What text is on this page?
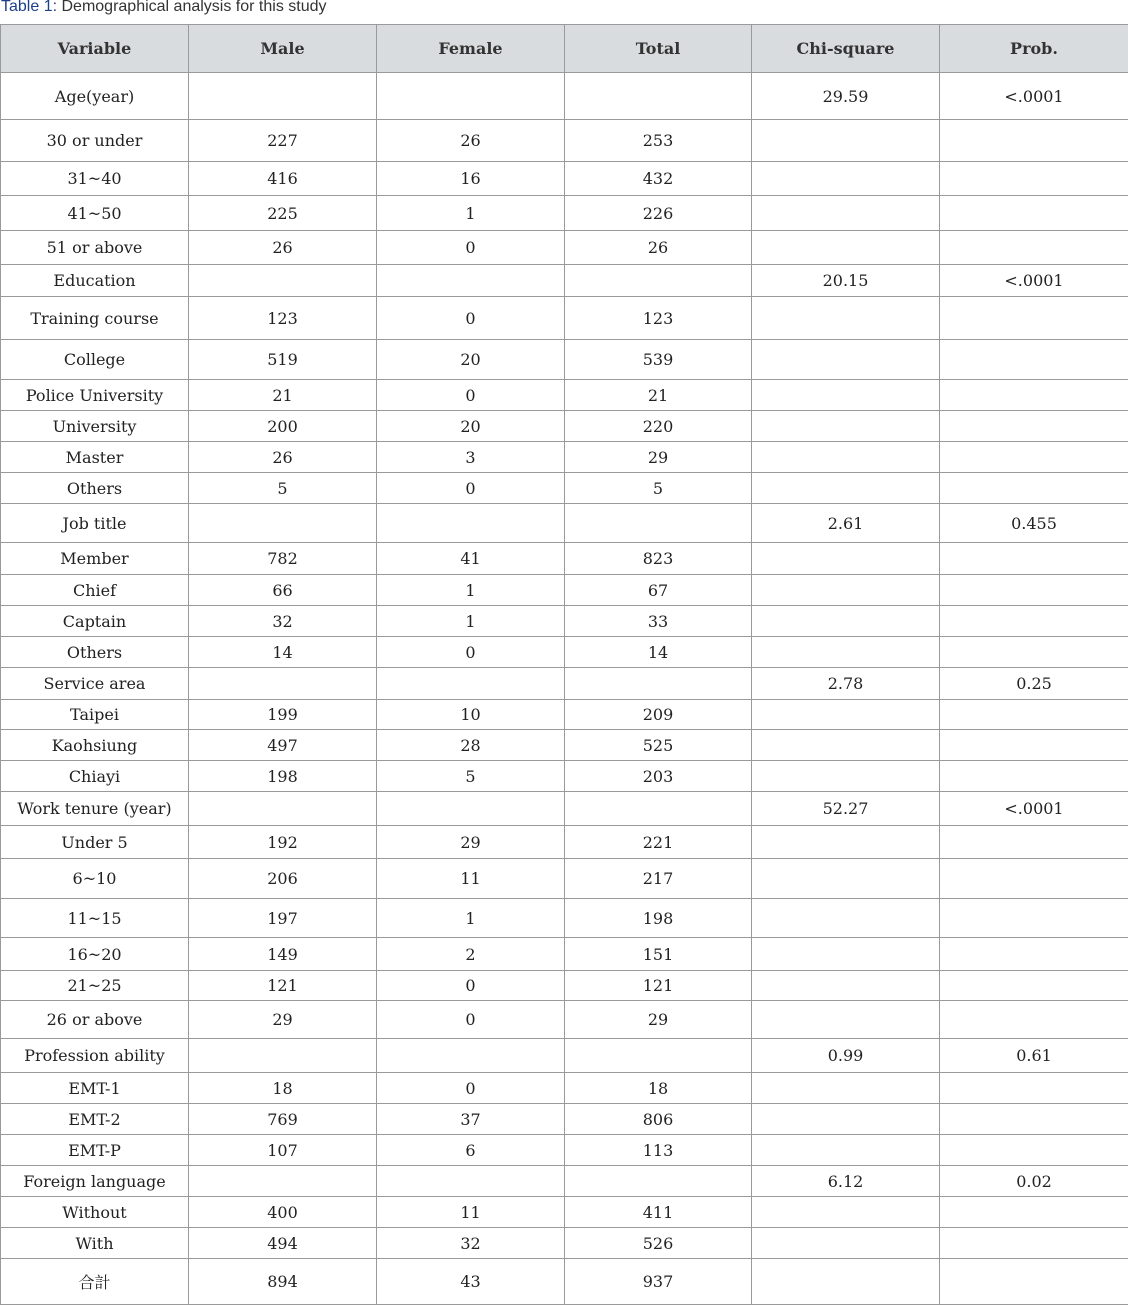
Table 1: Demographical analysis for this study
Variable	Male	Female	Total	Chi-square	Prob.
Age(year)				29.59	<.0001
30 or under	227	26	253		
31~40	416	16	432		
41~50	225	1	226		
51 or above	26	0	26		
Education				20.15	<.0001
Training course	123	0	123		
College	519	20	539		
Police University	21	0	21		
University	200	20	220		
Master	26	3	29		
Others	5	0	5		
Job title				2.61	0.455
Member	782	41	823		
Chief	66	1	67		
Captain	32	1	33		
Others	14	0	14		
Service area				2.78	0.25
Taipei	199	10	209		
Kaohsiung	497	28	525		
Chiayi	198	5	203		
Work tenure (year)				52.27	<.0001
Under 5	192	29	221		
6~10	206	11	217		
11~15	197	1	198		
16~20	149	2	151		
21~25	121	0	121		
26 or above	29	0	29		
Profession ability				0.99	0.61
EMT-1	18	0	18		
EMT-2	769	37	806		
EMT-P	107	6	113		
Foreign language				6.12	0.02
Without	400	11	411		
With	494	32	526		
合計	894	43	937		
